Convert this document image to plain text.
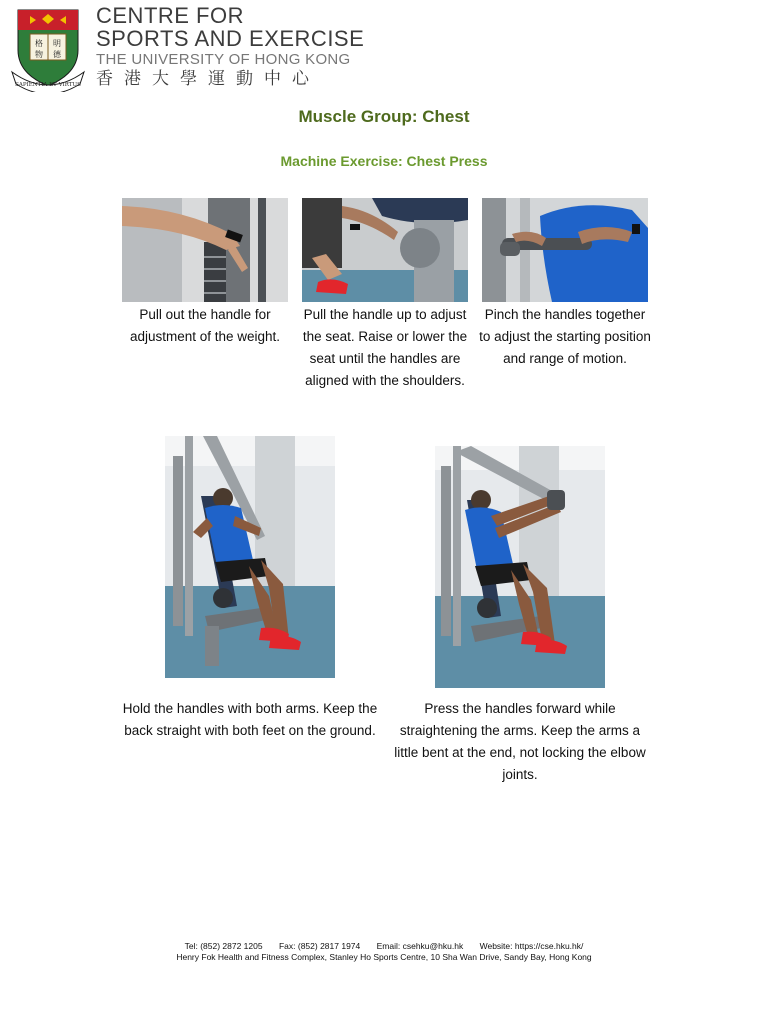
格 明
物 德
SAPIENTIA ET VIRTUS
CENTRE FOR
SPORTS AND EXERCISE
THE UNIVERSITY OF HONG KONG
香港大學運動中心
Muscle Group: Chest
Machine Exercise: Chest Press
Pull out the handle for adjustment of the weight.
Pull the handle up to adjust the seat. Raise or lower the seat until the handles are aligned with the shoulders.
Pinch the handles together to adjust the starting position and range of motion.
Hold the handles with both arms. Keep the back straight with both feet on the ground.
Press the handles forward while straightening the arms. Keep the arms a little bent at the end, not locking the elbow joints.
Tel: (852) 2872 1205 Fax: (852) 2817 1974 Email: csehku@hku.hk Website: https://cse.hku.hk/
Henry Fok Health and Fitness Complex, Stanley Ho Sports Centre, 10 Sha Wan Drive, Sandy Bay, Hong Kong
